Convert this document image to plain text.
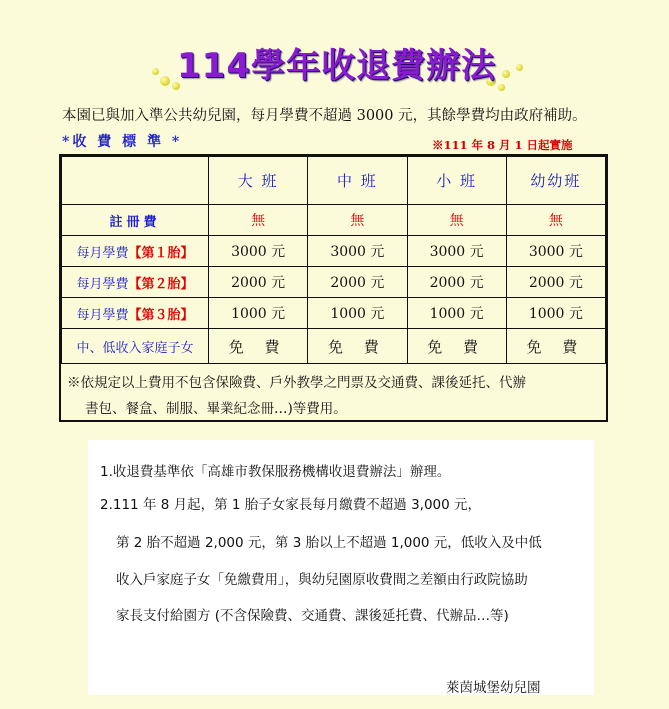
114學年收退費辦法
本園已與加入準公共幼兒園，每月學費不超過 3000 元，其餘學費均由政府補助。
*收 費 標 準 *	※111 年 8 月 1 日起實施
	大 班	中 班	小 班	幼幼班
註冊費	無	無	無	無
每月學費【第１胎】	3000 元	3000 元	3000 元	3000 元
每月學費【第２胎】	2000 元	2000 元	2000 元	2000 元
每月學費【第３胎】	1000 元	1000 元	1000 元	1000 元
中、低收入家庭子女	免 費	免 費	免 費	免 費
※依規定以上費用不包含保險費、戶外教學之門票及交通費、課後延托、代辦
書包、餐盒、制服、畢業紀念冊…)等費用。
1.收退費基準依「高雄市教保服務機構收退費辦法」辦理。
2.111 年 8 月起，第 1 胎子女家長每月繳費不超過 3,000 元，
第 2 胎不超過 2,000 元，第 3 胎以上不超過 1,000 元，低收入及中低
收入戶家庭子女「免繳費用」，與幼兒園原收費間之差額由行政院協助
家長支付給園方 (不含保險費、交通費、課後延托費、代辦品…等)
萊茵城堡幼兒園
